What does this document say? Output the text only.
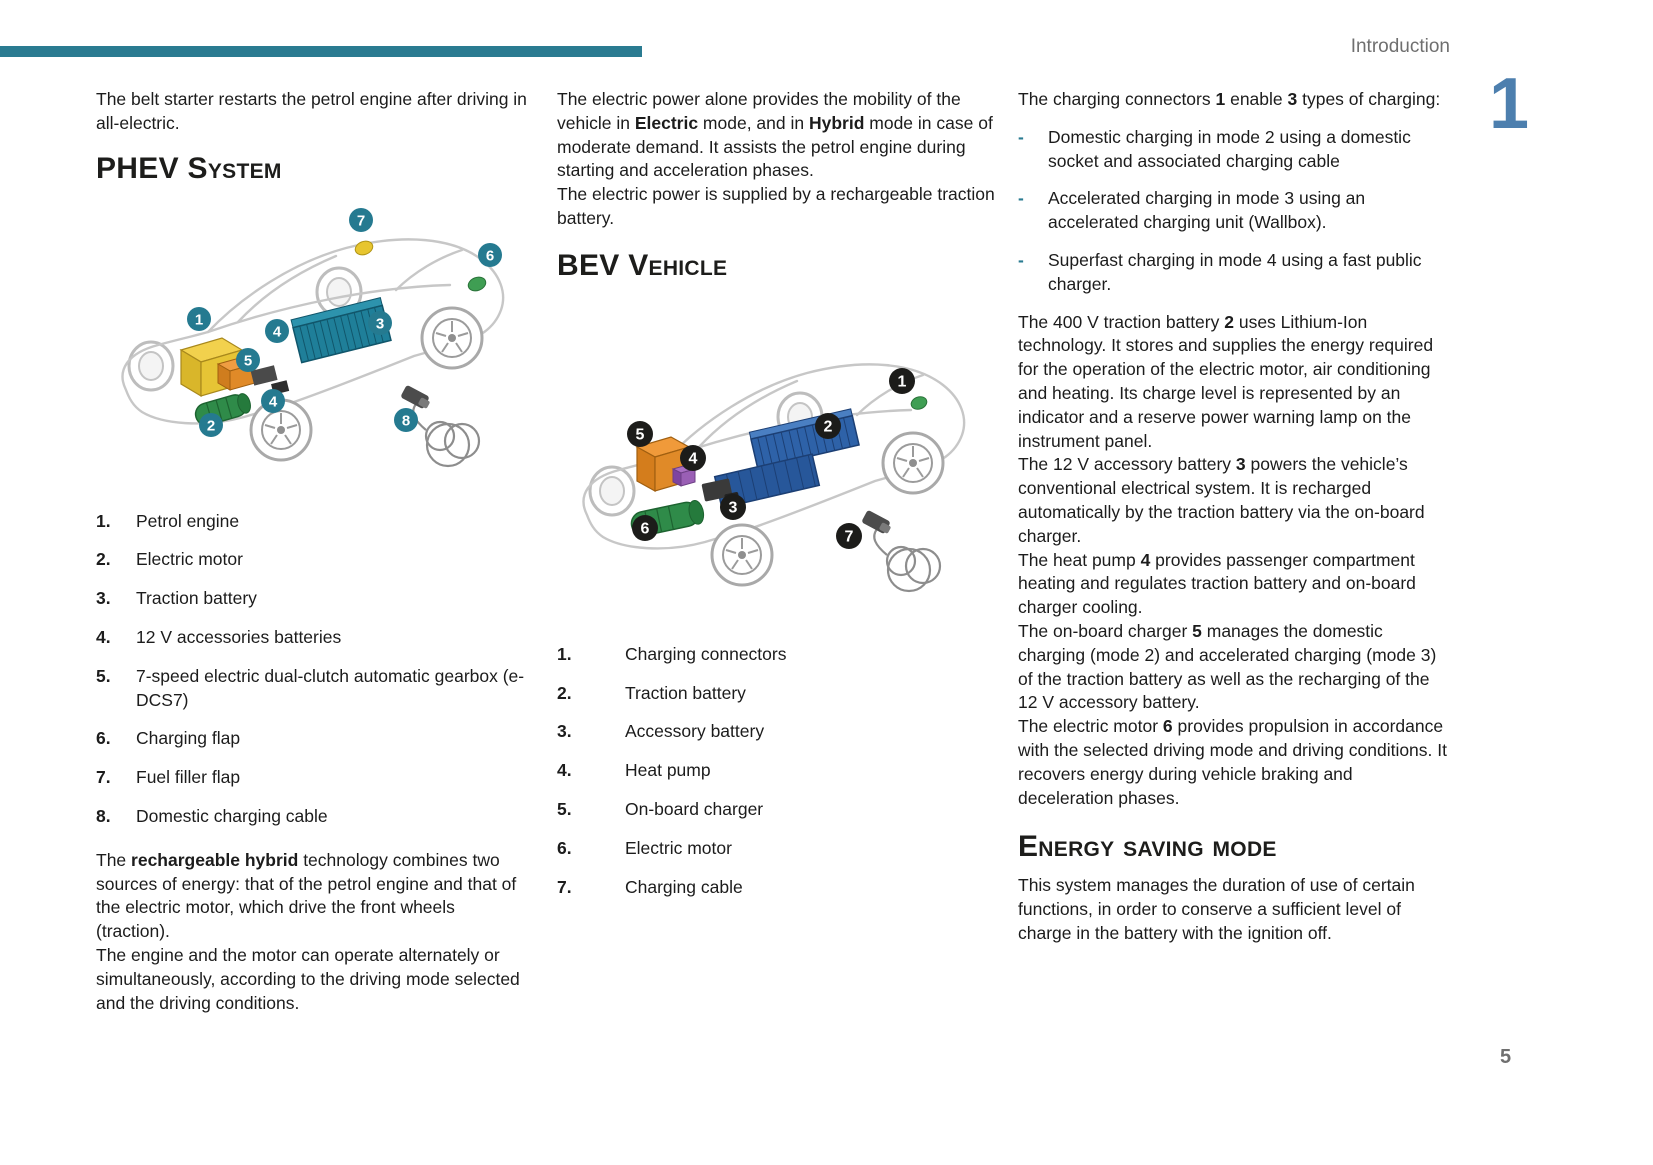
Introduction
1
5

The belt starter restarts the petrol engine after driving in all-electric.

PHEV System
1
2
3
4
4
5
6
7
8
1.	Petrol engine
2.	Electric motor
3.	Traction battery
4.	12 V accessories batteries
5.	7-speed electric dual-clutch automatic gearbox (e-DCS7)
6.	Charging flap
7.	Fuel filler flap
8.	Domestic charging cable

The rechargeable hybrid technology combines two sources of energy: that of the petrol engine and that of the electric motor, which drive the front wheels (traction).

The engine and the motor can operate alternately or simultaneously, according to the driving mode selected and the driving conditions.

The electric power alone provides the mobility of the vehicle in Electric mode, and in Hybrid mode in case of moderate demand. It assists the petrol engine during starting and acceleration phases.

The electric power is supplied by a rechargeable traction battery.

BEV Vehicle
1
2
3
4
5
6	7
1.	Charging connectors
2.	Traction battery
3.	Accessory battery
4.	Heat pump
5.	On-board charger
6.	Electric motor
7.	Charging cable

The charging connectors 1 enable 3 types of charging:

-	Domestic charging in mode 2 using a domestic socket and associated charging cable
-	Accelerated charging in mode 3 using an accelerated charging unit (Wallbox).
-	Superfast charging in mode 4 using a fast public charger.

The 400 V traction battery 2 uses Lithium-Ion technology. It stores and supplies the energy required for the operation of the electric motor, air conditioning and heating. Its charge level is represented by an indicator and a reserve power warning lamp on the instrument panel.

The 12 V accessory battery 3 powers the vehicle’s conventional electrical system. It is recharged automatically by the traction battery via the on-board charger.

The heat pump 4 provides passenger compartment heating and regulates traction battery and on-board charger cooling.

The on-board charger 5 manages the domestic charging (mode 2) and accelerated charging (mode 3) of the traction battery as well as the recharging of the 12 V accessory battery.

The electric motor 6 provides propulsion in accordance with the selected driving mode and driving conditions. It recovers energy during vehicle braking and deceleration phases.

Energy saving mode

This system manages the duration of use of certain functions, in order to conserve a sufficient level of charge in the battery with the ignition off.
